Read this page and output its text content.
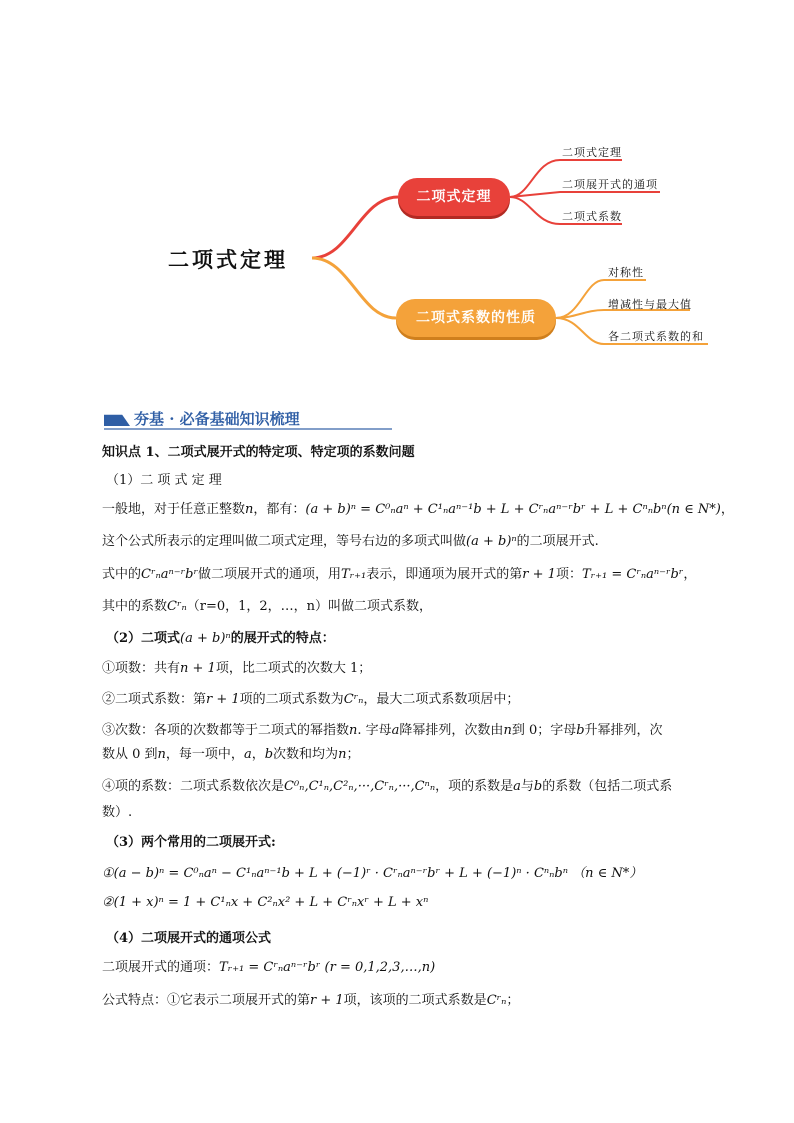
二项式定理
二项式定理
二项式系数的性质
二项式定理
二项展开式的通项
二项式系数
对称性
增减性与最大值
各二项式系数的和
夯基 · 必备基础知识梳理
知识点 1、二项式展开式的特定项、特定项的系数问题
（1）二 项 式 定 理
一般地，对于任意正整数n，都有：(a + b)ⁿ = C⁰ₙaⁿ + C¹ₙaⁿ⁻¹b + L + Cʳₙaⁿ⁻ʳbʳ + L + Cⁿₙbⁿ(n ∈ N*)，
这个公式所表示的定理叫做二项式定理，等号右边的多项式叫做(a + b)ⁿ的二项展开式.
式中的Cʳₙaⁿ⁻ʳbʳ做二项展开式的通项，用Tᵣ₊₁表示，即通项为展开式的第r + 1项：Tᵣ₊₁ = Cʳₙaⁿ⁻ʳbʳ，
其中的系数Cʳₙ（r=0，1，2，…，n）叫做二项式系数，
（2）二项式(a + b)ⁿ的展开式的特点：
①项数：共有n + 1项，比二项式的次数大 1；
②二项式系数：第r + 1项的二项式系数为Cʳₙ，最大二项式系数项居中；
③次数：各项的次数都等于二项式的幂指数n. 字母a降幂排列，次数由n到 0；字母b升幂排列，次
数从 0 到n，每一项中，a，b次数和均为n；
④项的系数：二项式系数依次是C⁰ₙ,C¹ₙ,C²ₙ,···,Cʳₙ,···,Cⁿₙ，项的系数是a与b的系数（包括二项式系
数）.
（3）两个常用的二项展开式:
①(a − b)ⁿ = C⁰ₙaⁿ − C¹ₙaⁿ⁻¹b + L + (−1)ʳ · Cʳₙaⁿ⁻ʳbʳ + L + (−1)ⁿ · Cⁿₙbⁿ （n ∈ N*）
②(1 + x)ⁿ = 1 + C¹ₙx + C²ₙx² + L + Cʳₙxʳ + L + xⁿ
（4）二项展开式的通项公式
二项展开式的通项：Tᵣ₊₁ = Cʳₙaⁿ⁻ʳbʳ (r = 0,1,2,3,…,n)
公式特点：①它表示二项展开式的第r + 1项，该项的二项式系数是Cʳₙ；
